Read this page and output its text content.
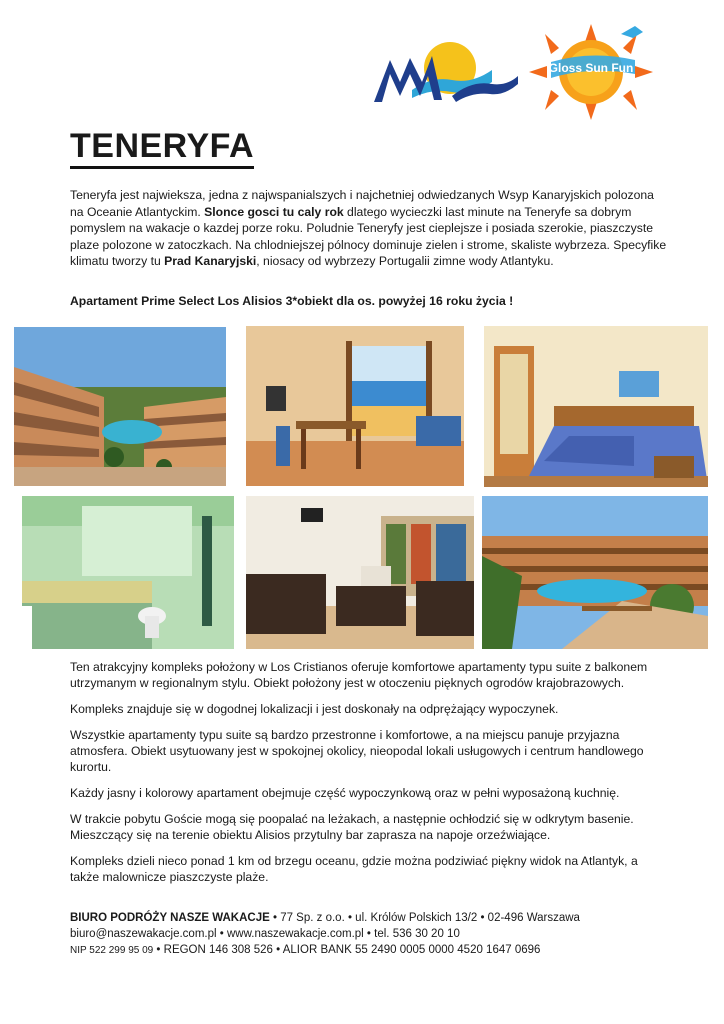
Gloss Sun Fun
TENERYFA

Teneryfa jest najwieksza, jedna z najwspanialszych i najchetniej odwiedzanych Wsyp Kanaryjskich polozona na Oceanie Atlantyckim. Slonce gosci tu caly rok dlatego wycieczki last minute na Teneryfe sa dobrym pomyslem na wakacje o kazdej porze roku. Poludnie Teneryfy jest cieplejsze i posiada szerokie, piaszczyste plaze polozone w zatoczkach. Na chlodniejszej pólnocy dominuje zielen i strome, skaliste wybrzeza. Specyfike klimatu tworzy tu Prad Kanaryjski, niosacy od wybrzezy Portugalii zimne wody Atlantyku.

Apartament Prime Select Los Alisios 3*obiekt dla os. powyżej 16 roku życia !

Ten atrakcyjny kompleks położony w Los Cristianos oferuje komfortowe apartamenty typu suite z balkonem utrzymanym w regionalnym stylu. Obiekt położony jest w otoczeniu pięknych ogrodów krajobrazowych.

Kompleks znajduje się w dogodnej lokalizacji i jest doskonały na odprężający wypoczynek.

Wszystkie apartamenty typu suite są bardzo przestronne i komfortowe, a na miejscu panuje przyjazna atmosfera. Obiekt usytuowany jest w spokojnej okolicy, nieopodal lokali usługowych i centrum handlowego kurortu.

Każdy jasny i kolorowy apartament obejmuje część wypoczynkową oraz w pełni wyposażoną kuchnię.

W trakcie pobytu Goście mogą się poopalać na leżakach, a następnie ochłodzić się w odkrytym basenie. Mieszczący się na terenie obiektu Alisios przytulny bar zaprasza na napoje orzeźwiające.

Kompleks dzieli nieco ponad 1 km od brzegu oceanu, gdzie można podziwiać piękny widok na Atlantyk, a także malownicze piaszczyste plaże.

BIURO PODRÓŻY NASZE WAKACJE • 77 Sp. z o.o. • ul. Królów Polskich 13/2 • 02-496 Warszawa
biuro@naszewakacje.com.pl • www.naszewakacje.com.pl • tel. 536 30 20 10
NIP 522 299 95 09 • REGON 146 308 526 • ALIOR BANK 55 2490 0005 0000 4520 1647 0696
